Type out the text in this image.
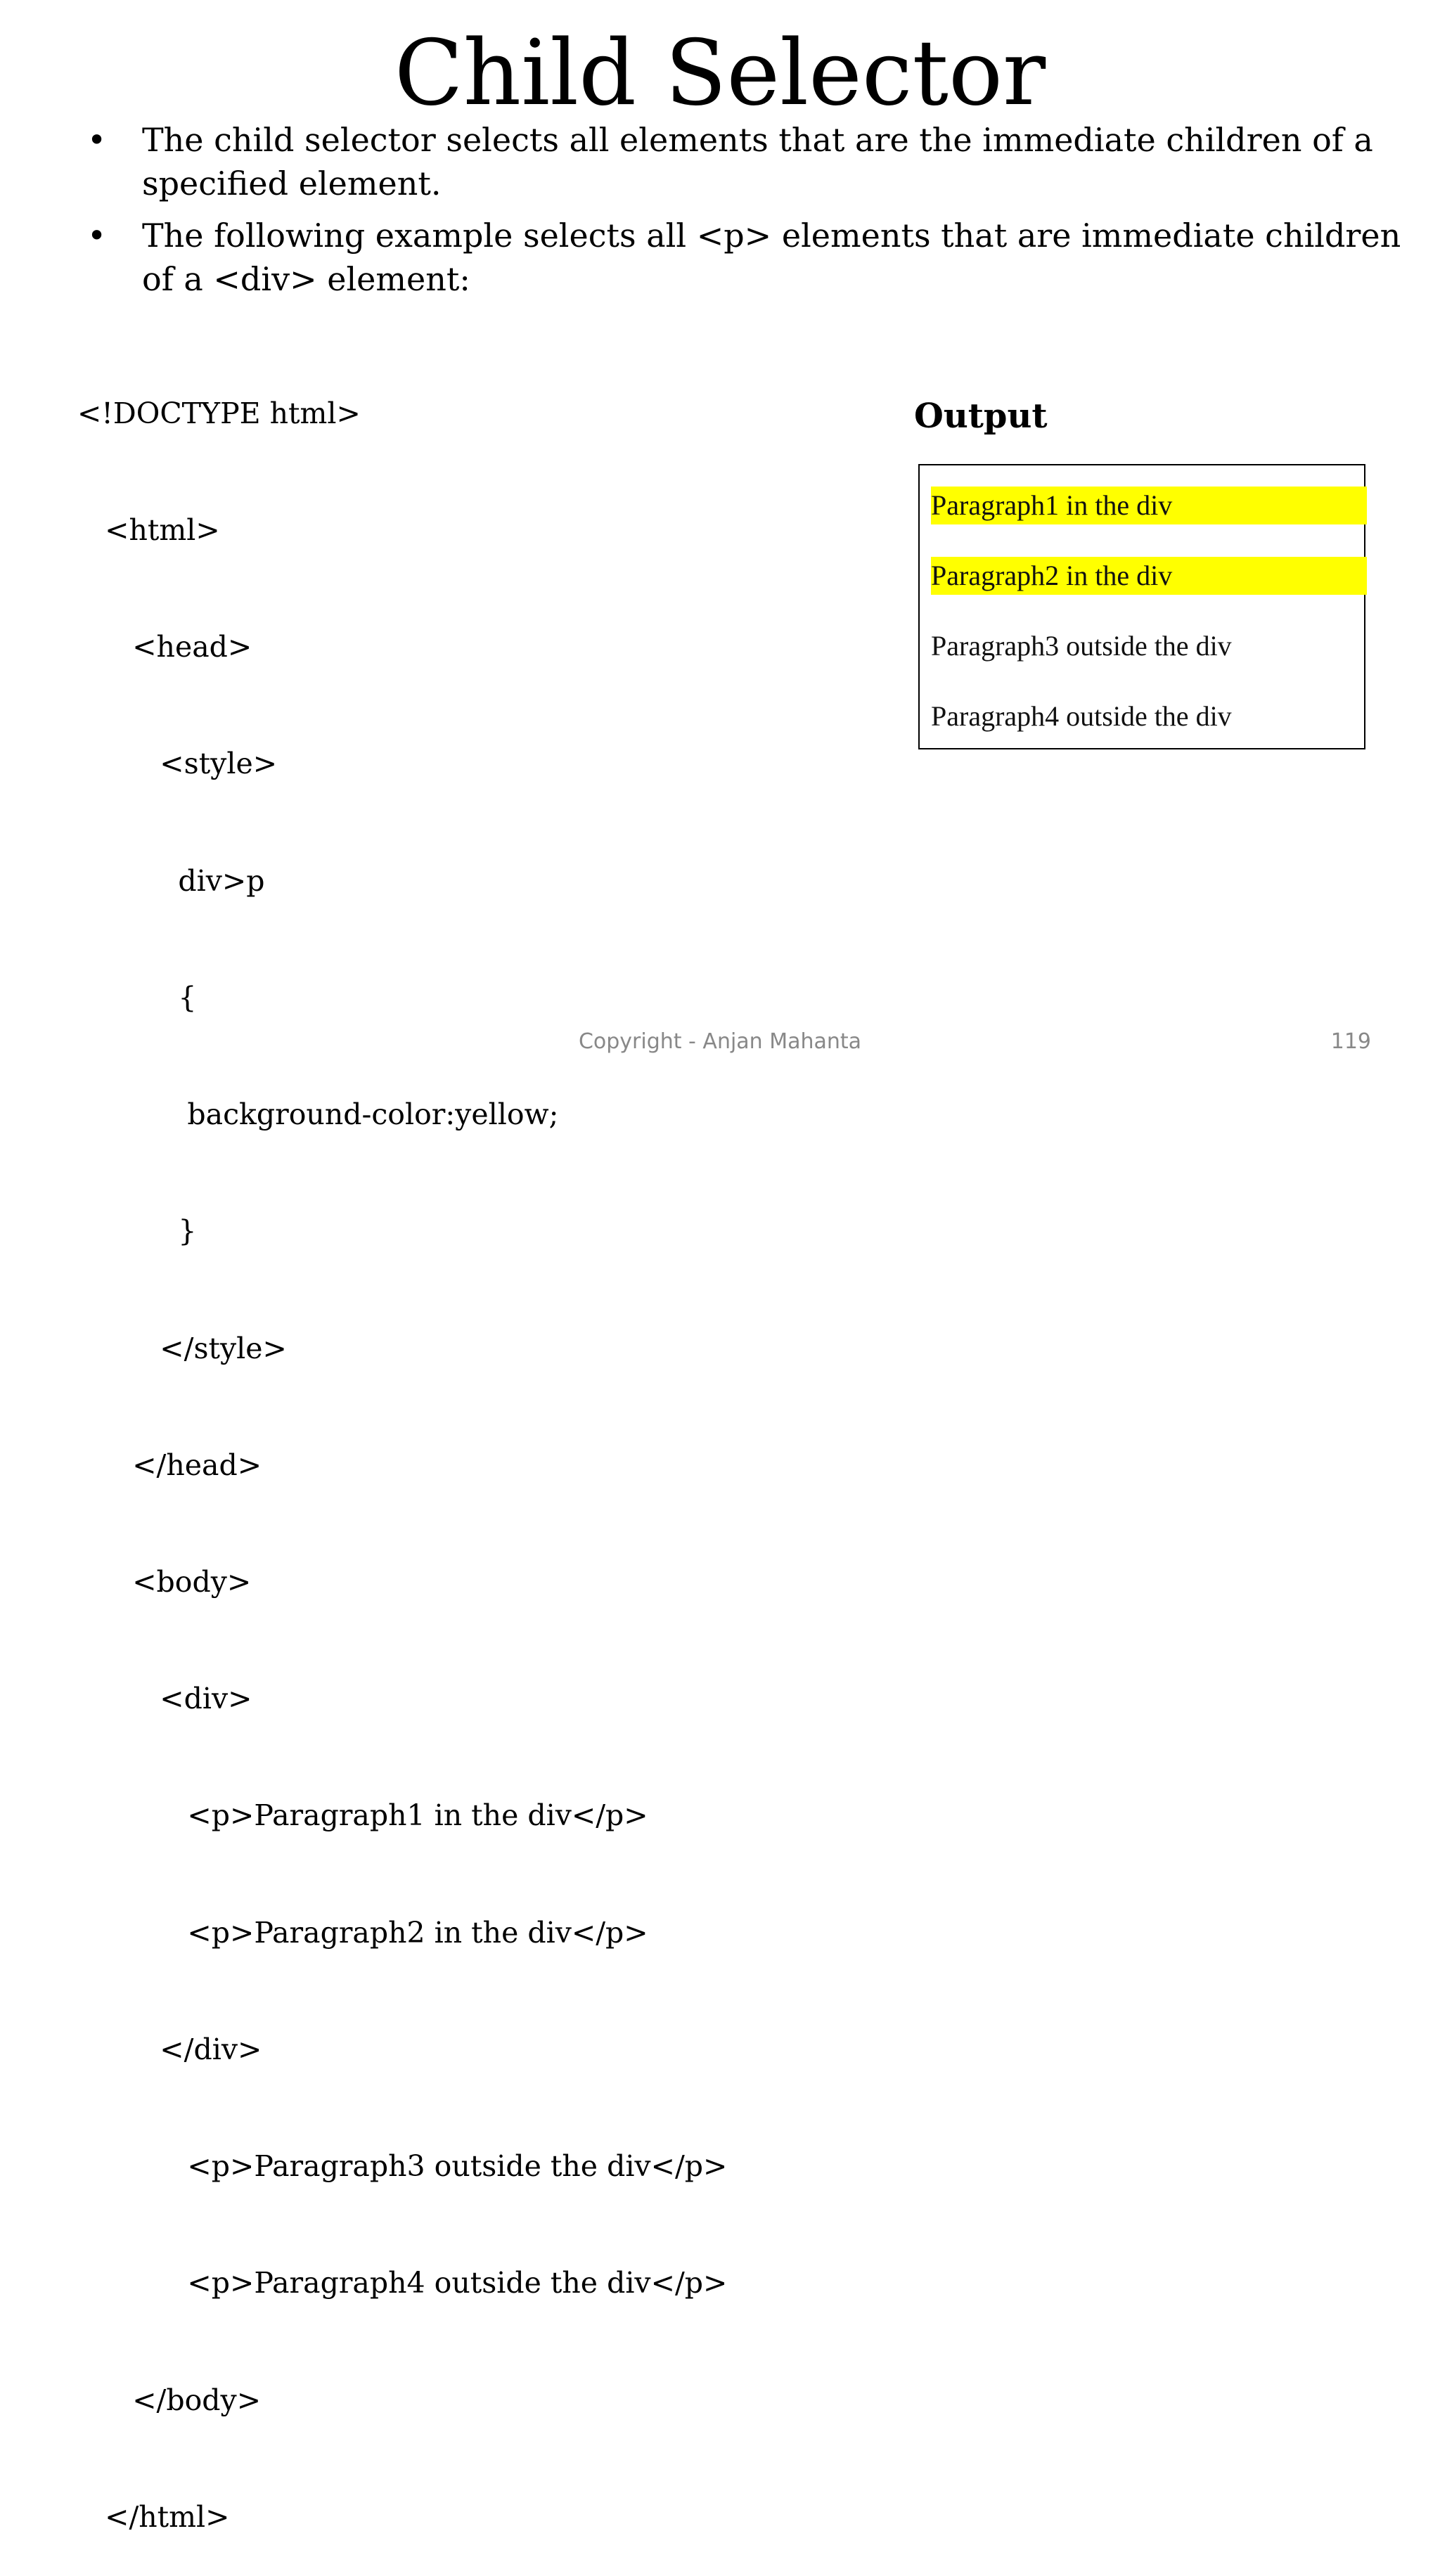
Child Selector
• The child selector selects all elements that are the immediate children of a specified element.
• The following example selects all <p> elements that are immediate children of a <div> element:

<!DOCTYPE html>

<html>

<head>

<style>

div>p

{

background-color:yellow;

}

</style>

</head>

<body>

<div>

<p>Paragraph1 in the div</p>

<p>Paragraph2 in the div</p>

</div>

<p>Paragraph3 outside the div</p>

<p>Paragraph4 outside the div</p>

</body>

</html>

Output
Paragraph1 in the div
Paragraph2 in the div
Paragraph3 outside the div
Paragraph4 outside the div
Copyright - Anjan Mahanta	119
